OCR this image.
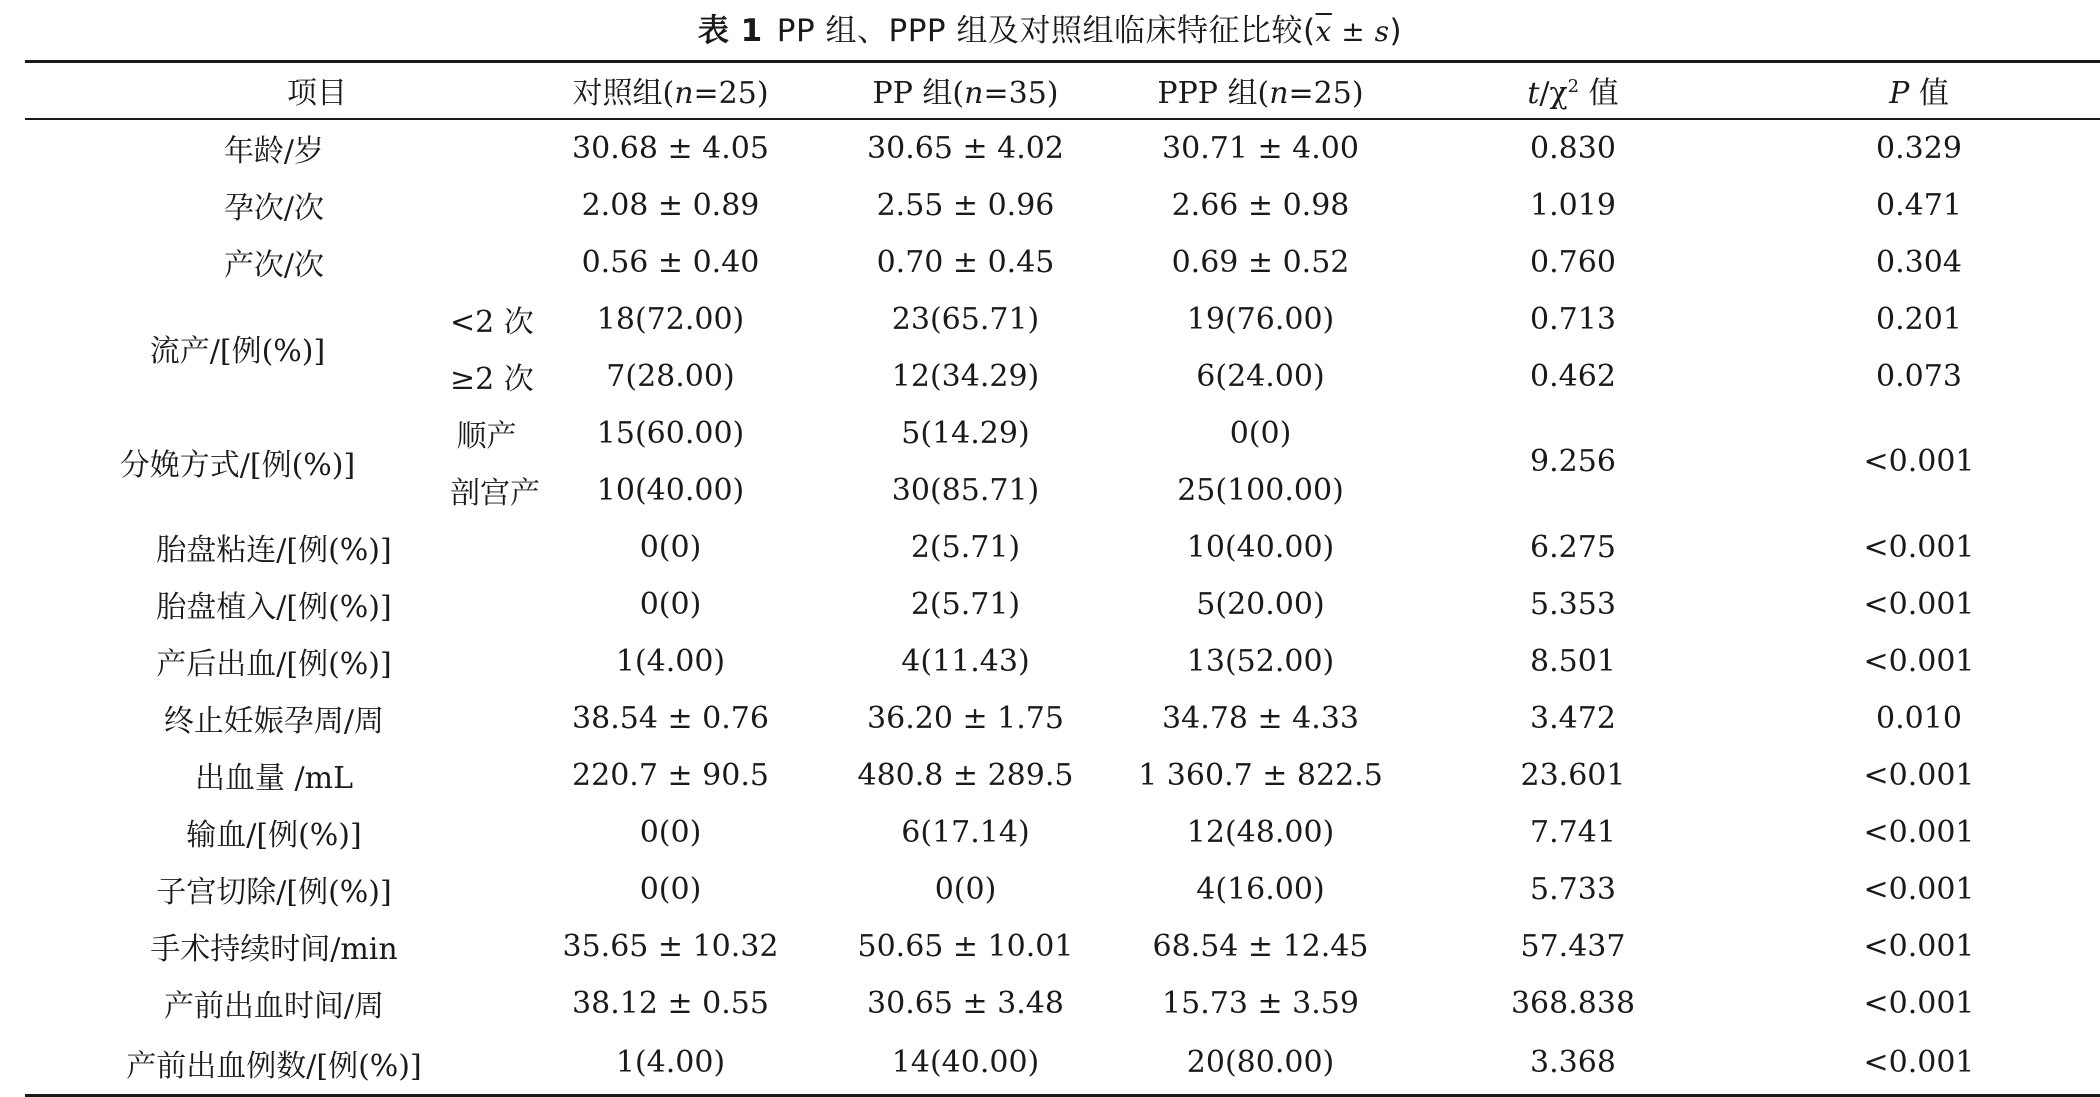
表 1 PP 组、PPP 组及对照组临床特征比较$(\overline{x} \pm s)$
项目		对照组(n=25)	PP 组(n=35)	PPP 组(n=25)	$t/\chi^2$ 值	P 值
年龄/岁		30.68 ± 4.05	30.65 ± 4.02	30.71 ± 4.00	0.830	0.329
孕次/次		2.08 ± 0.89	2.55 ± 0.96	2.66 ± 0.98	1.019	0.471
产次/次		0.56 ± 0.40	0.70 ± 0.45	0.69 ± 0.52	0.760	0.304
流产/[例(%)]	<2 次	18(72.00)	23(65.71)	19(76.00)	0.713	0.201
	≥2 次	7(28.00)	12(34.29)	6(24.00)	0.462	0.073
分娩方式/[例(%)]	顺产	15(60.00)	5(14.29)	0(0)	9.256	<0.001
	剖宫产	10(40.00)	30(85.71)	25(100.00)		
胎盘粘连/[例(%)]		0(0)	2(5.71)	10(40.00)	6.275	<0.001
胎盘植入/[例(%)]		0(0)	2(5.71)	5(20.00)	5.353	<0.001
产后出血/[例(%)]		1(4.00)	4(11.43)	13(52.00)	8.501	<0.001
终止妊娠孕周/周		38.54 ± 0.76	36.20 ± 1.75	34.78 ± 4.33	3.472	0.010
出血量 /mL		220.7 ± 90.5	480.8 ± 289.5	1 360.7 ± 822.5	23.601	<0.001
输血/[例(%)]		0(0)	6(17.14)	12(48.00)	7.741	<0.001
子宫切除/[例(%)]		0(0)	0(0)	4(16.00)	5.733	<0.001
手术持续时间/min		35.65 ± 10.32	50.65 ± 10.01	68.54 ± 12.45	57.437	<0.001
产前出血时间/周		38.12 ± 0.55	30.65 ± 3.48	15.73 ± 3.59	368.838	<0.001
产前出血例数/[例(%)]		1(4.00)	14(40.00)	20(80.00)	3.368	<0.001
